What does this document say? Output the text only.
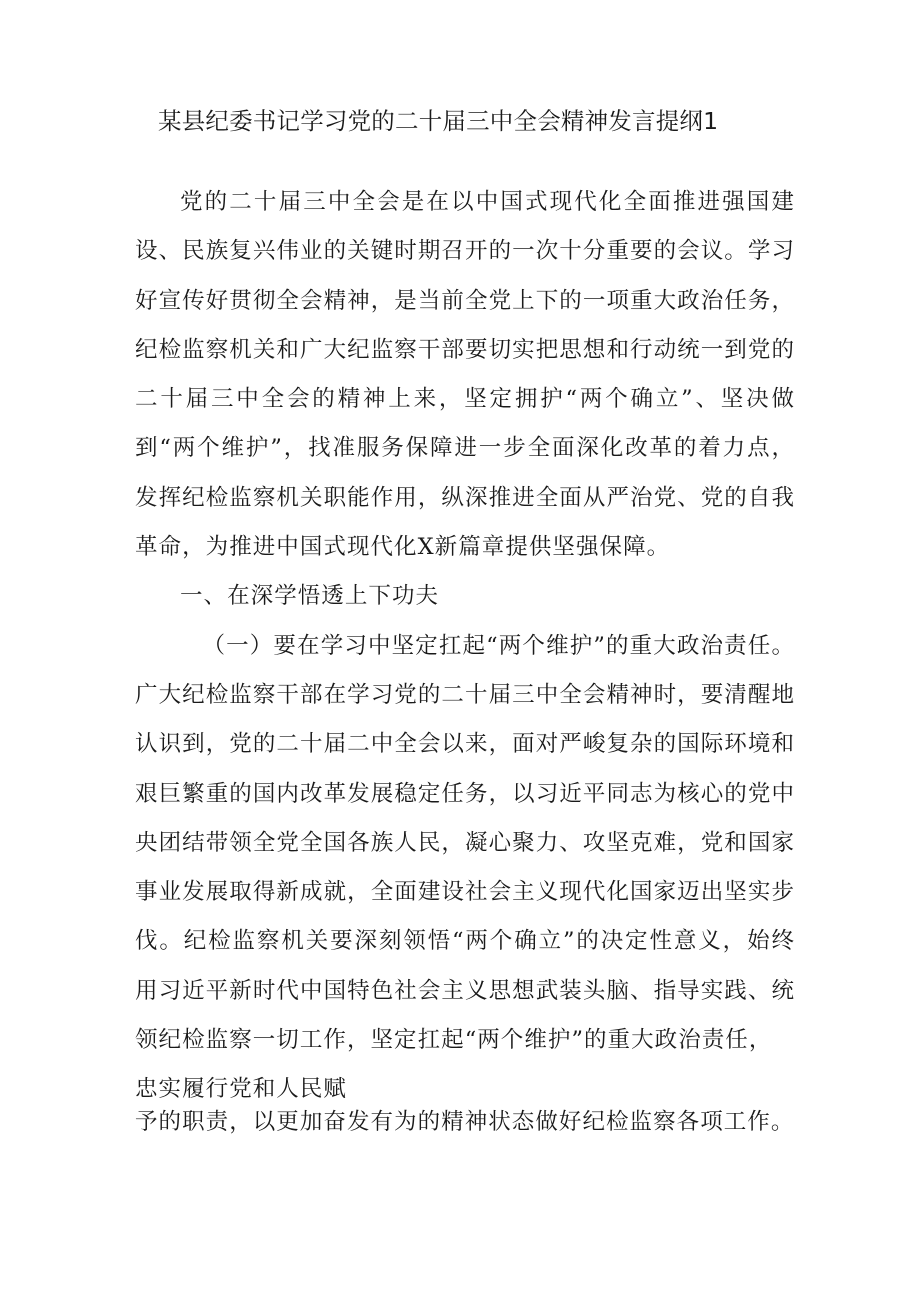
某县纪委书记学习党的二十届三中全会精神发言提纲1

党的二十届三中全会是在以中国式现代化全面推进强国建设、民族复兴伟业的关键时期召开的一次十分重要的会议。学习好宣传好贯彻全会精神，是当前全党上下的一项重大政治任务，纪检监察机关和广大纪监察干部要切实把思想和行动统一到党的二十届三中全会的精神上来，坚定拥护“两个确立”、坚决做到“两个维护”，找准服务保障进一步全面深化改革的着力点，发挥纪检监察机关职能作用，纵深推进全面从严治党、党的自我革命，为推进中国式现代化X新篇章提供坚强保障。

一、在深学悟透上下功夫

（一）要在学习中坚定扛起“两个维护”的重大政治责任。广大纪检监察干部在学习党的二十届三中全会精神时，要清醒地认识到，党的二十届二中全会以来，面对严峻复杂的国际环境和艰巨繁重的国内改革发展稳定任务，以习近平同志为核心的党中央团结带领全党全国各族人民，凝心聚力、攻坚克难，党和国家事业发展取得新成就，全面建设社会主义现代化国家迈出坚实步伐。纪检监察机关要深刻领悟“两个确立”的决定性意义，始终用习近平新时代中国特色社会主义思想武装头脑、指导实践、统领纪检监察一切工作，坚定扛起“两个维护”的重大政治责任，

忠实履行党和人民赋

予的职责，以更加奋发有为的精神状态做好纪检监察各项工作。
